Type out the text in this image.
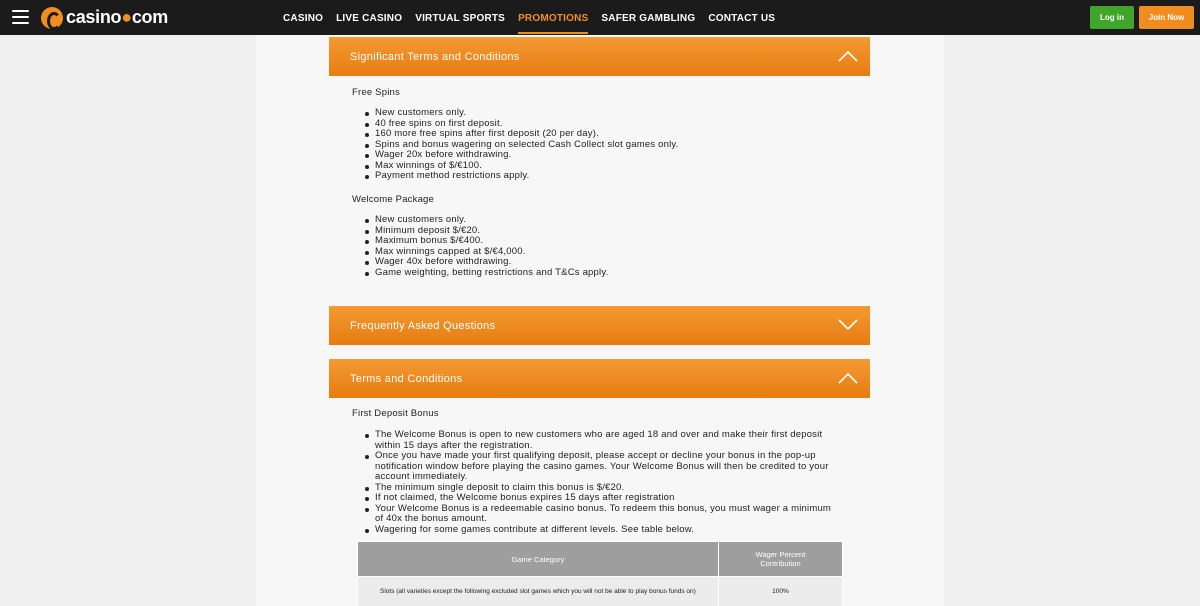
casino●com	CASINO LIVE CASINO VIRTUAL SPORTS PROMOTIONS SAFER GAMBLING CONTACT US	Log in	Join Now
Significant Terms and Conditions
Free Spins
New customers only.
40 free spins on first deposit.
160 more free spins after first deposit (20 per day).
Spins and bonus wagering on selected Cash Collect slot games only.
Wager 20x before withdrawing.
Max winnings of $/€100.
Payment method restrictions apply.
Welcome Package
New customers only.
Minimum deposit $/€20.
Maximum bonus $/€400.
Max winnings capped at $/€4,000.
Wager 40x before withdrawing.
Game weighting, betting restrictions and T&Cs apply.
Frequently Asked Questions
Terms and Conditions
First Deposit Bonus
The Welcome Bonus is open to new customers who are aged 18 and over and make their first deposit
within 15 days after the registration.
Once you have made your first qualifying deposit, please accept or decline your bonus in the pop-up
notification window before playing the casino games. Your Welcome Bonus will then be credited to your
account immediately.
The minimum single deposit to claim this bonus is $/€20.
If not claimed, the Welcome bonus expires 15 days after registration
Your Welcome Bonus is a redeemable casino bonus. To redeem this bonus, you must wager a minimum
of 40x the bonus amount.
Wagering for some games contribute at different levels. See table below.
Game Category	Wager Percent Contribution
Slots (all varieties except the following excluded slot games which you will not be able to play bonus funds on)	100%
